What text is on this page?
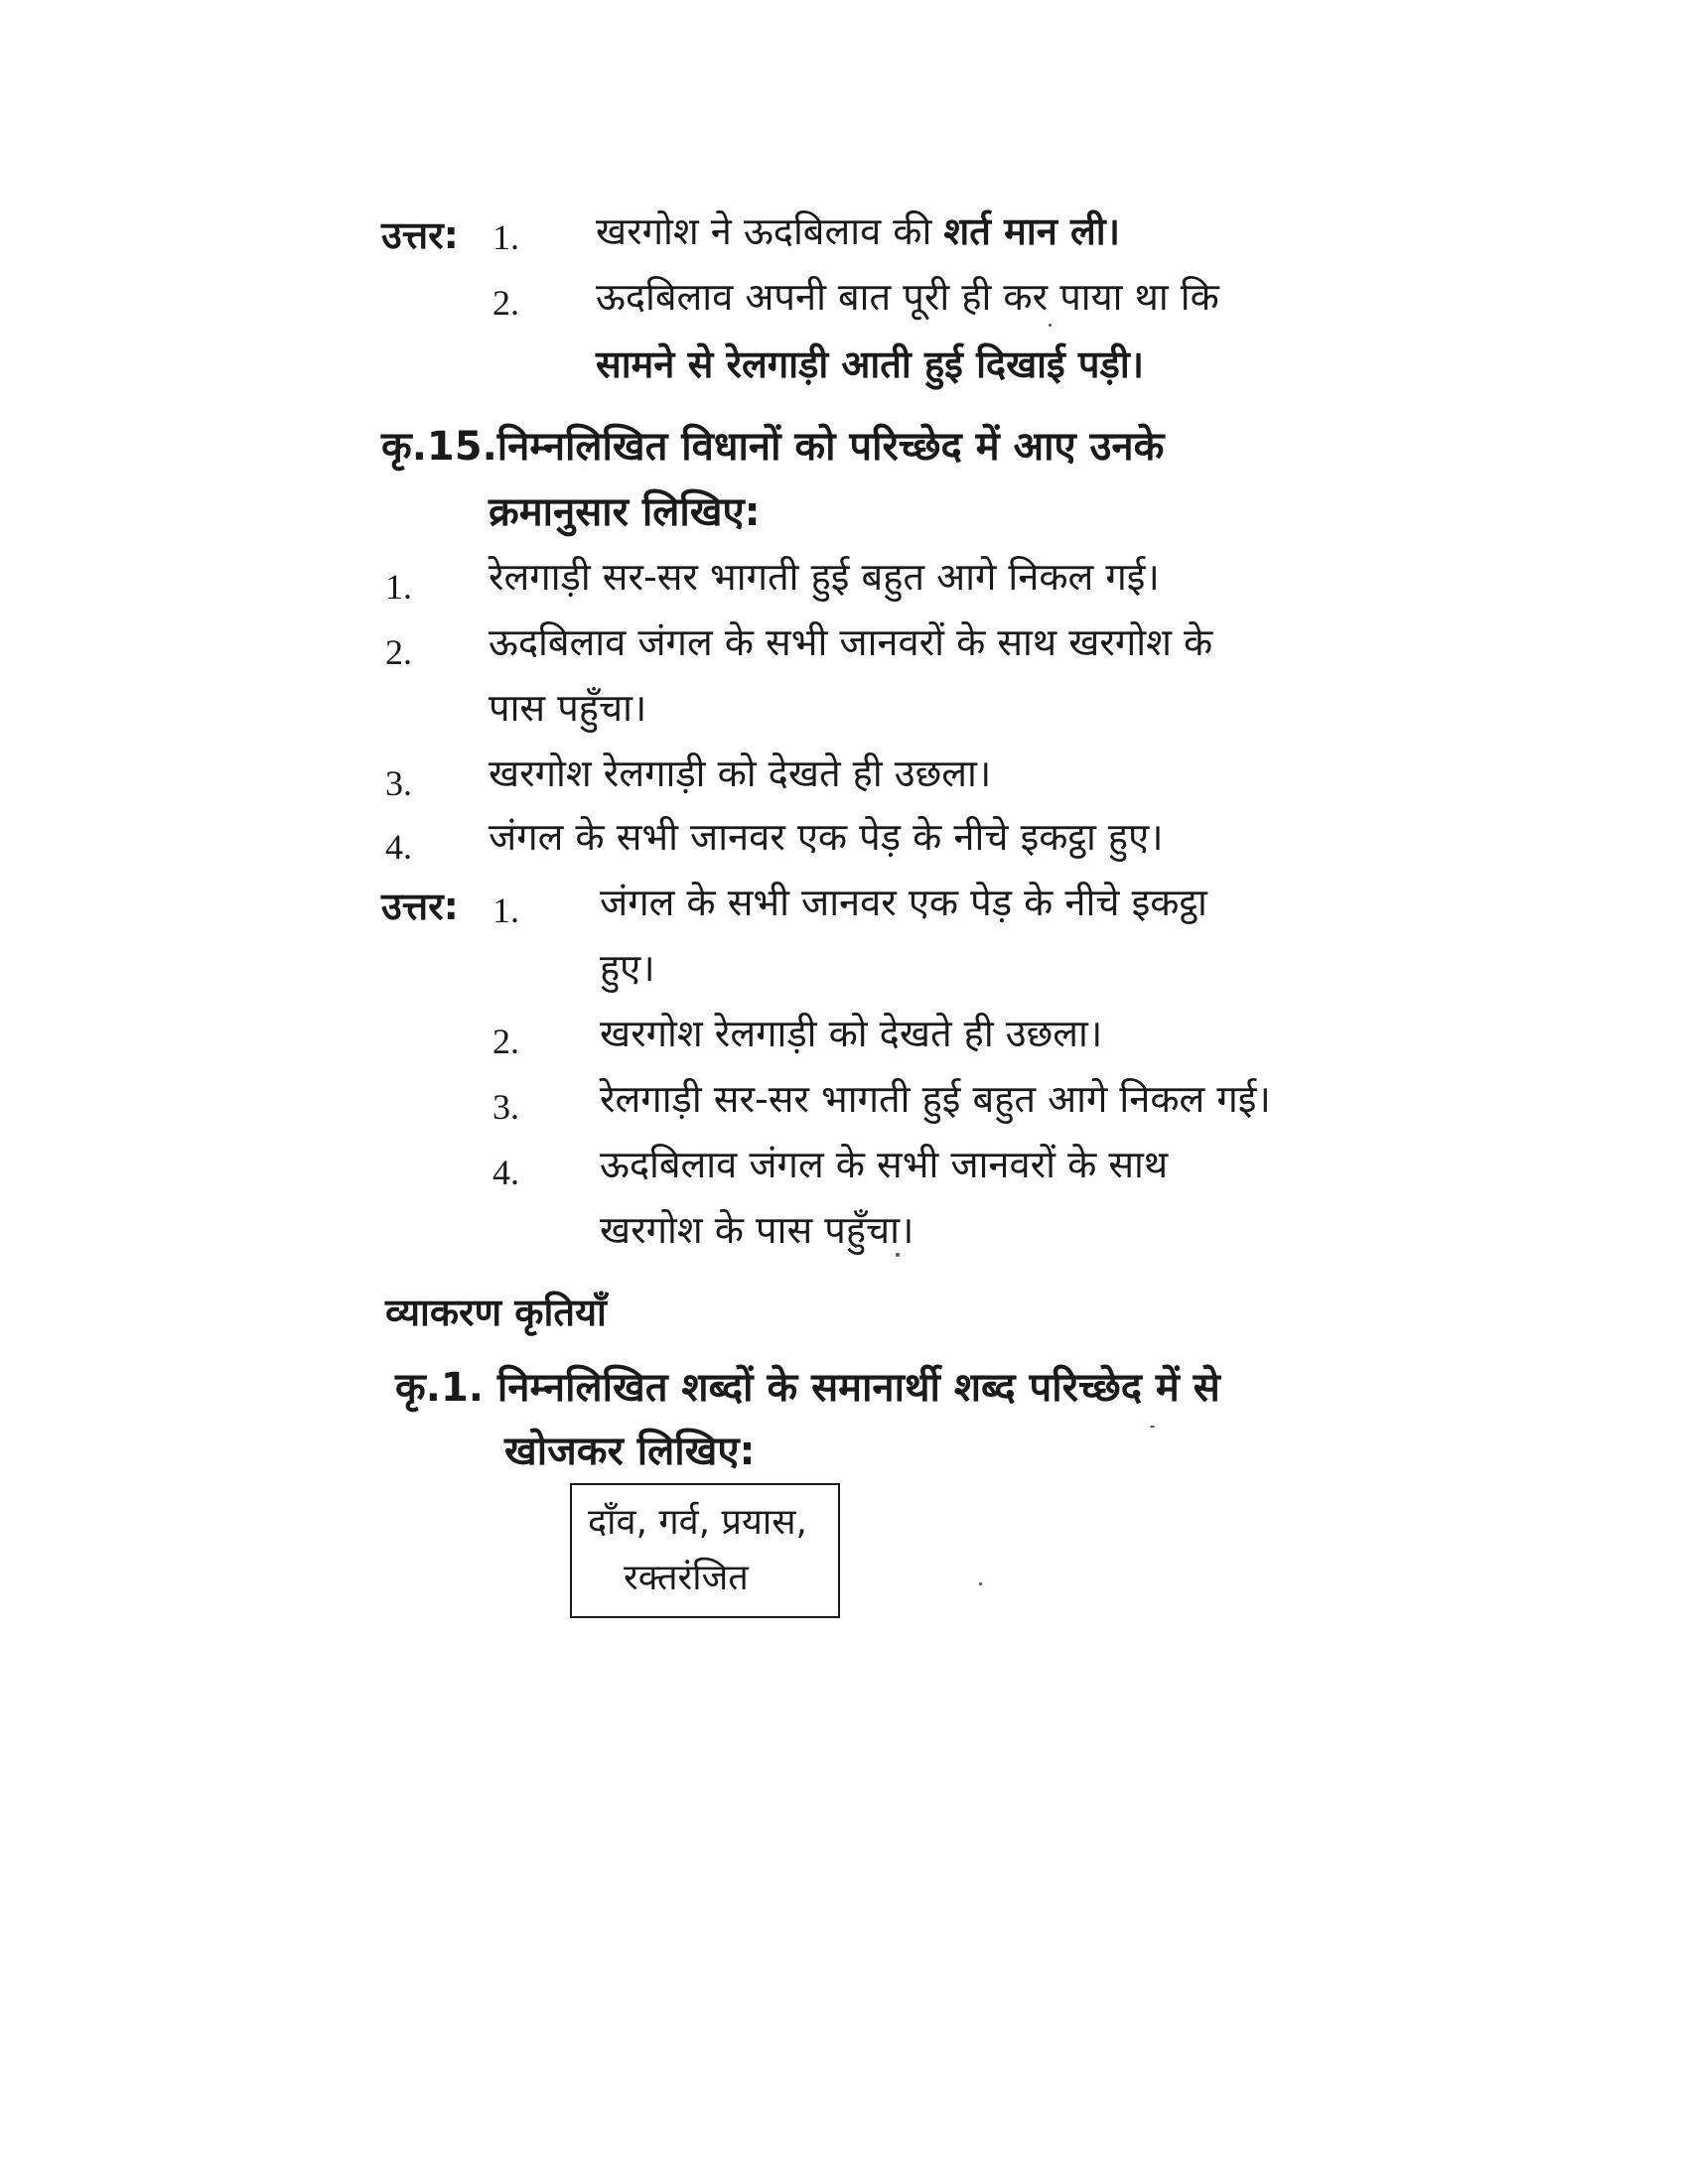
उत्तर: 1. खरगोश ने ऊदबिलाव की शर्त मान ली।
2. ऊदबिलाव अपनी बात पूरी ही कर पाया था कि
सामने से रेलगाड़ी आती हुई दिखाई पड़ी।
कृ.15.निम्नलिखित विधानों को परिच्छेद में आए उनके
क्रमानुसार लिखिए:
1. रेलगाड़ी सर-सर भागती हुई बहुत आगे निकल गई।
2. ऊदबिलाव जंगल के सभी जानवरों के साथ खरगोश के
पास पहुँचा।
3. खरगोश रेलगाड़ी को देखते ही उछला।
4. जंगल के सभी जानवर एक पेड़ के नीचे इकट्ठा हुए।
उत्तर: 1. जंगल के सभी जानवर एक पेड़ के नीचे इकट्ठा
हुए।
2. खरगोश रेलगाड़ी को देखते ही उछला।
3. रेलगाड़ी सर-सर भागती हुई बहुत आगे निकल गई।
4. ऊदबिलाव जंगल के सभी जानवरों के साथ
खरगोश के पास पहुँचा।
व्याकरण कृतियाँ
कृ.1. निम्नलिखित शब्दों के समानार्थी शब्द परिच्छेद में से
खोजकर लिखिए:
दाँव, गर्व, प्रयास,
रक्तरंजित
